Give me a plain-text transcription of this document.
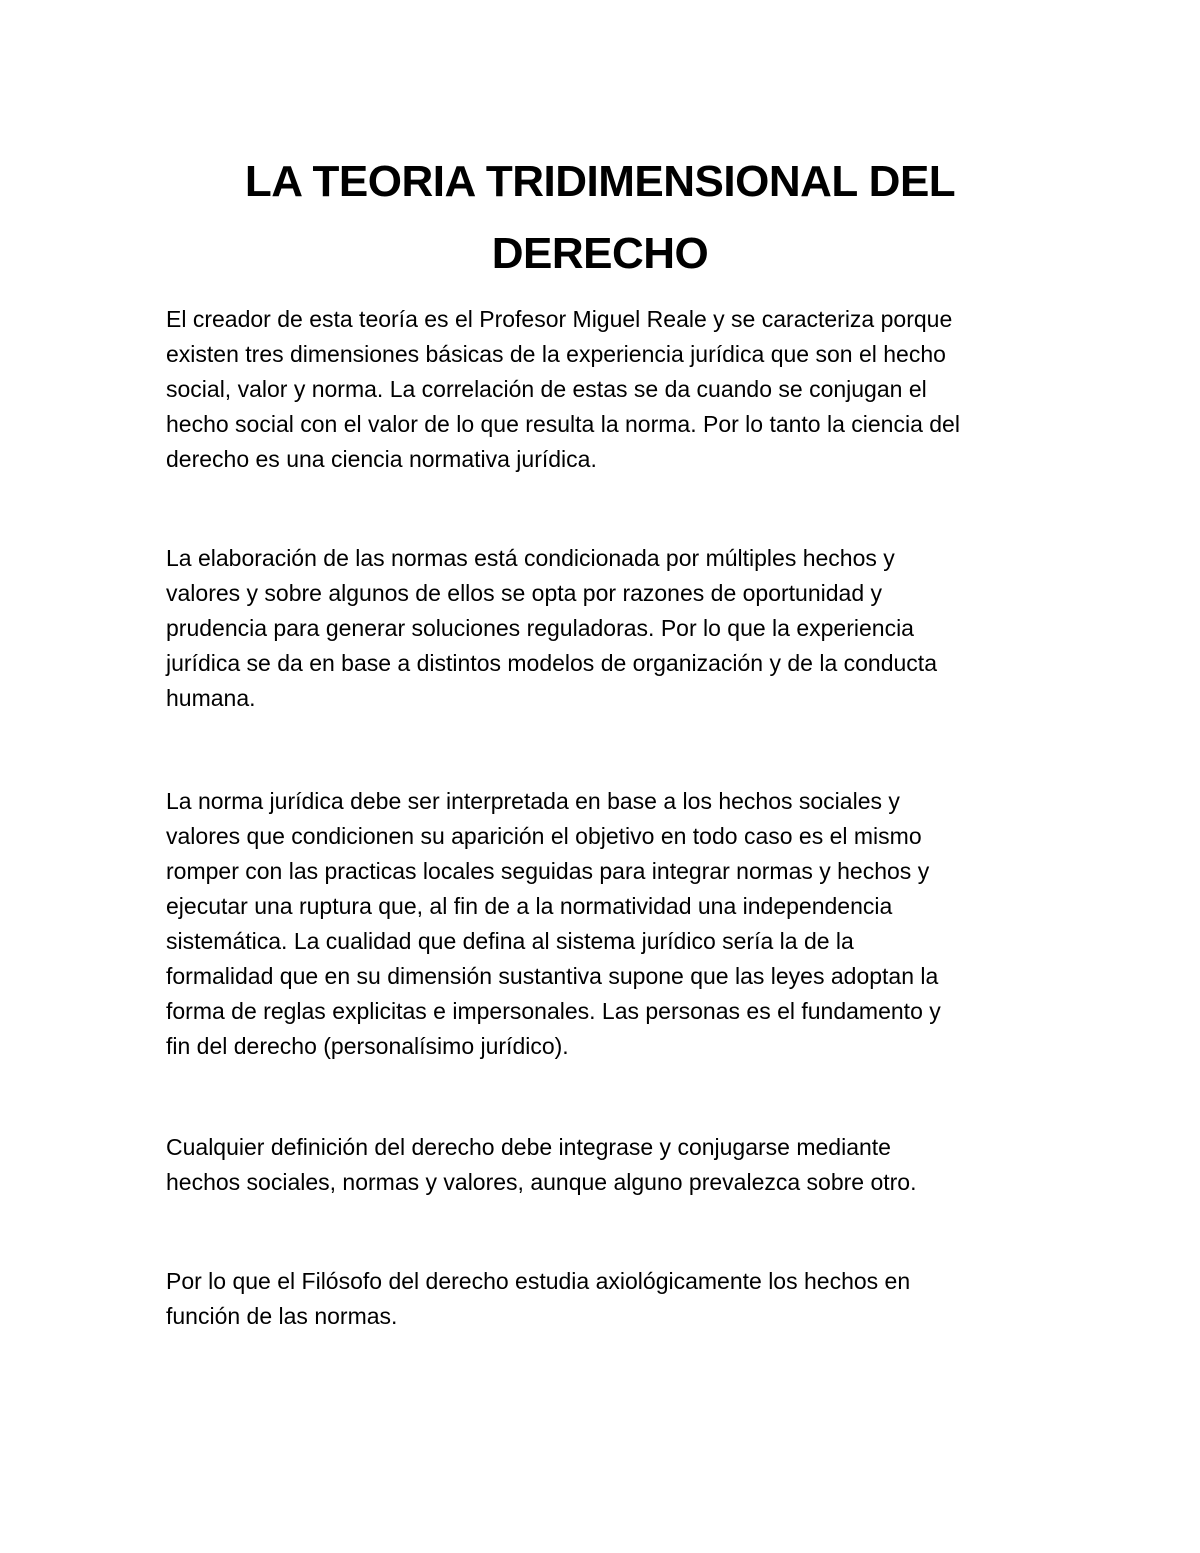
LA TEORIA TRIDIMENSIONAL DEL
DERECHO

El creador de esta teoría es el Profesor Miguel Reale y se caracteriza porque
existen tres dimensiones básicas de la experiencia jurídica que son el hecho
social, valor y norma. La correlación de estas se da cuando se conjugan el
hecho social con el valor de lo que resulta la norma. Por lo tanto la ciencia del
derecho es una ciencia normativa jurídica.

La elaboración de las normas está condicionada por múltiples hechos y
valores y sobre algunos de ellos se opta por razones de oportunidad y
prudencia para generar soluciones reguladoras. Por lo que la experiencia
jurídica se da en base a distintos modelos de organización y de la conducta
humana.

La norma jurídica debe ser interpretada en base a los hechos sociales y
valores que condicionen su aparición el objetivo en todo caso es el mismo
romper con las practicas locales seguidas para integrar normas y hechos y
ejecutar una ruptura que, al fin de a la normatividad una independencia
sistemática. La cualidad que defina al sistema jurídico sería la de la
formalidad que en su dimensión sustantiva supone que las leyes adoptan la
forma de reglas explicitas e impersonales. Las personas es el fundamento y
fin del derecho (personalísimo jurídico).

Cualquier definición del derecho debe integrase y conjugarse mediante
hechos sociales, normas y valores, aunque alguno prevalezca sobre otro.

Por lo que el Filósofo del derecho estudia axiológicamente los hechos en
función de las normas.
